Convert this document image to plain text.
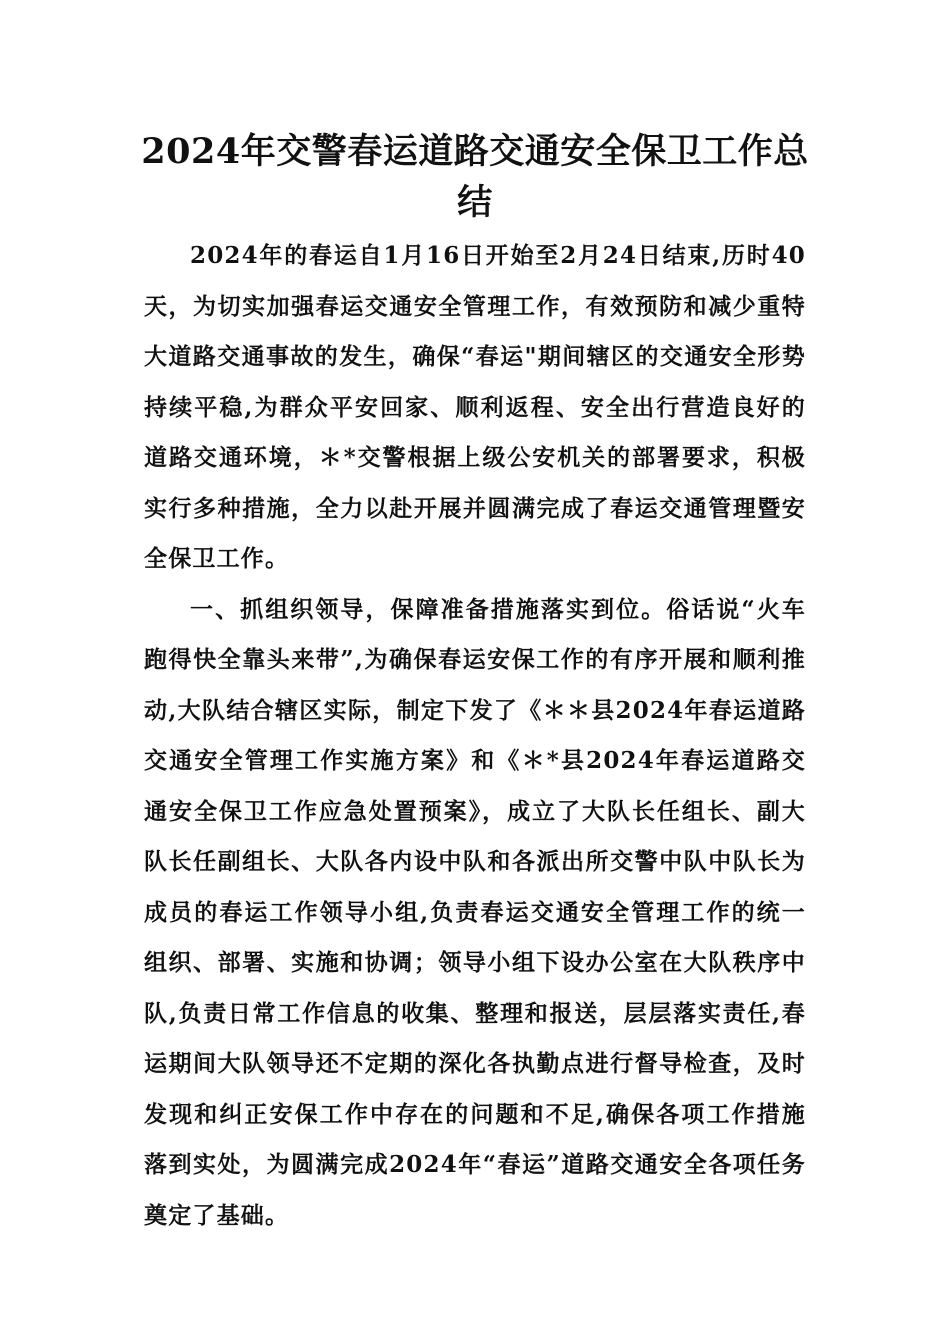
2024年交警春运道路交通安全保卫工作总结

2024年的春运自1月16日开始至2月24日结束,历时40天，为切实加强春运交通安全管理工作，有效预防和减少重特大道路交通事故的发生，确保“春运"期间辖区的交通安全形势持续平稳,为群众平安回家、顺利返程、安全出行营造良好的道路交通环境，＊*交警根据上级公安机关的部署要求，积极实行多种措施，全力以赴开展并圆满完成了春运交通管理暨安全保卫工作。

一、抓组织领导，保障准备措施落实到位。俗话说“火车跑得快全靠头来带”,为确保春运安保工作的有序开展和顺利推动,大队结合辖区实际，制定下发了《＊＊县2024年春运道路交通安全管理工作实施方案》和《＊*县2024年春运道路交通安全保卫工作应急处置预案》，成立了大队长任组长、副大队长任副组长、大队各内设中队和各派出所交警中队中队长为成员的春运工作领导小组,负责春运交通安全管理工作的统一组织、部署、实施和协调；领导小组下设办公室在大队秩序中队,负责日常工作信息的收集、整理和报送，层层落实责任,春运期间大队领导还不定期的深化各执勤点进行督导检查，及时发现和纠正安保工作中存在的问题和不足,确保各项工作措施落到实处，为圆满完成2024年“春运”道路交通安全各项任务奠定了基础。
